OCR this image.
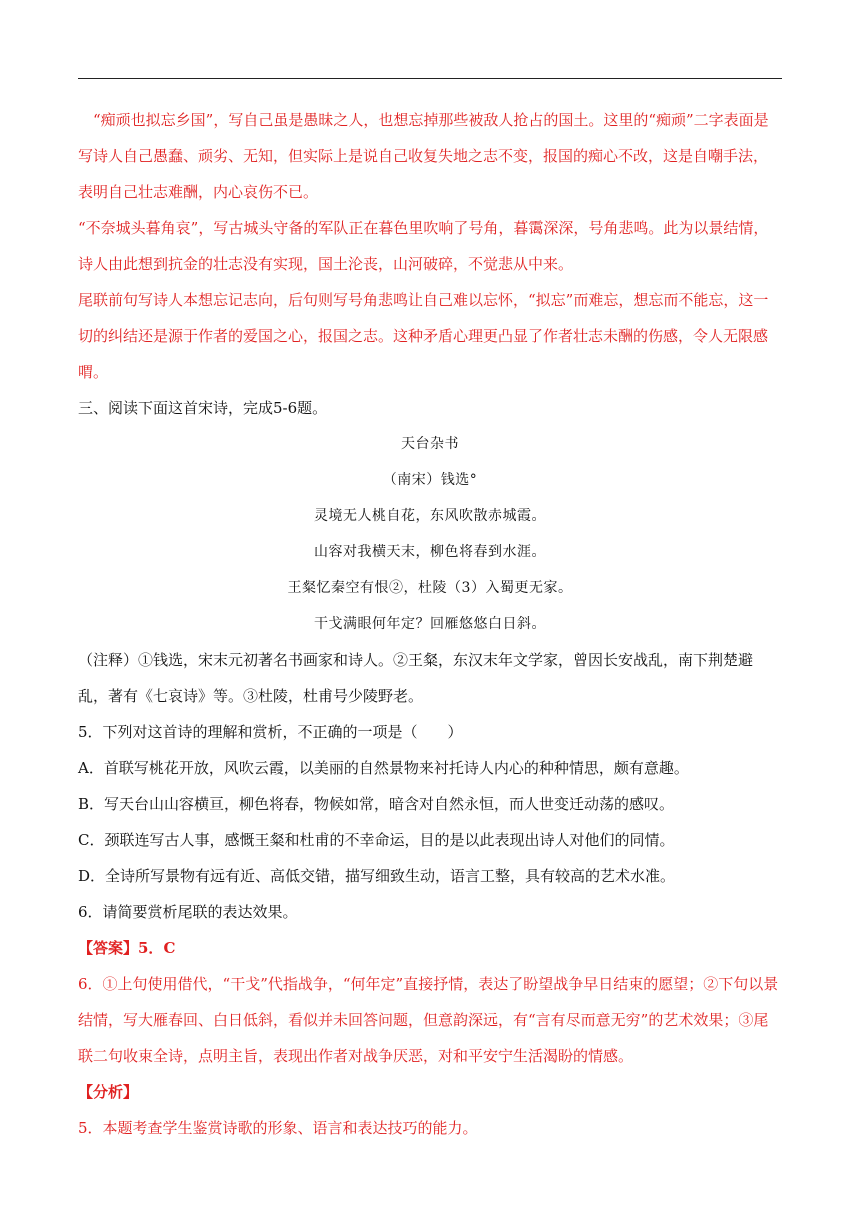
“痴顽也拟忘乡国”，写自己虽是愚昧之人，也想忘掉那些被敌人抢占的国土。这里的“痴顽”二字表面是写诗人自己愚蠢、顽劣、无知，但实际上是说自己收复失地之志不变，报国的痴心不改，这是自嘲手法，表明自己壮志难酬，内心哀伤不已。

“不奈城头暮角哀”，写古城头守备的军队正在暮色里吹响了号角，暮霭深深，号角悲鸣。此为以景结情，诗人由此想到抗金的壮志没有实现，国土沦丧，山河破碎，不觉悲从中来。

尾联前句写诗人本想忘记志向，后句则写号角悲鸣让自己难以忘怀，“拟忘”而难忘，想忘而不能忘，这一切的纠结还是源于作者的爱国之心，报国之志。这种矛盾心理更凸显了作者壮志未酬的伤感，令人无限感喟。

三、阅读下面这首宋诗，完成5-6题。

天台杂书

（南宋）钱选°

灵境无人桃自花，东风吹散赤城霞。

山容对我横天末，柳色将春到水涯。

王粲忆秦空有恨②，杜陵（3）入蜀更无家。

干戈满眼何年定？回雁悠悠白日斜。

（注释）①钱选，宋末元初著名书画家和诗人。②王粲，东汉末年文学家，曾因长安战乱，南下荆楚避乱，著有《七哀诗》等。③杜陵，杜甫号少陵野老。

5．下列对这首诗的理解和赏析，不正确的一项是（　　）

A．首联写桃花开放，风吹云霞，以美丽的自然景物来衬托诗人内心的种种情思，颇有意趣。

B．写天台山山容横亘，柳色将春，物候如常，暗含对自然永恒，而人世变迁动荡的感叹。

C．颈联连写古人事，感慨王粲和杜甫的不幸命运，目的是以此表现出诗人对他们的同情。

D．全诗所写景物有远有近、高低交错，描写细致生动，语言工整，具有较高的艺术水准。

6．请简要赏析尾联的表达效果。

【答案】5．C

6．①上句使用借代，“干戈”代指战争，“何年定”直接抒情，表达了盼望战争早日结束的愿望；②下句以景结情，写大雁春回、白日低斜，看似并未回答问题，但意韵深远，有“言有尽而意无穷”的艺术效果；③尾联二句收束全诗，点明主旨，表现出作者对战争厌恶，对和平安宁生活渴盼的情感。

【分析】

5．本题考查学生鉴赏诗歌的形象、语言和表达技巧的能力。
